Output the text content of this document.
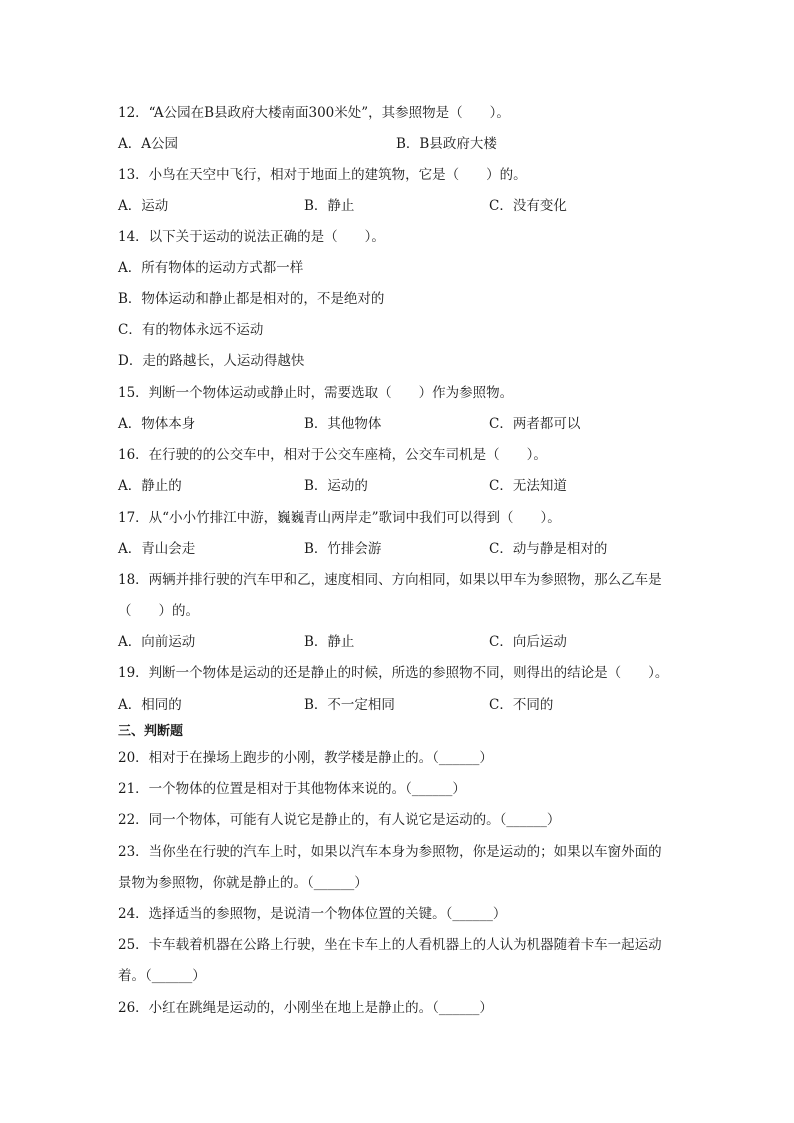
12．“A公园在B县政府大楼南面300米处”，其参照物是（　　）。
A．A公园	B．B县政府大楼
13．小鸟在天空中飞行，相对于地面上的建筑物，它是（　　）的。
A．运动	B．静止	C．没有变化
14．以下关于运动的说法正确的是（　　）。
A．所有物体的运动方式都一样
B．物体运动和静止都是相对的，不是绝对的
C．有的物体永远不运动
D．走的路越长，人运动得越快
15．判断一个物体运动或静止时，需要选取（　　）作为参照物。
A．物体本身	B．其他物体	C．两者都可以
16．在行驶的的公交车中，相对于公交车座椅，公交车司机是（　　）。
A．静止的	B．运动的	C．无法知道
17．从“小小竹排江中游，巍巍青山两岸走”歌词中我们可以得到（　　）。
A．青山会走	B．竹排会游	C．动与静是相对的
18．两辆并排行驶的汽车甲和乙，速度相同、方向相同，如果以甲车为参照物，那么乙车是
（　　）的。
A．向前运动	B．静止	C．向后运动
19．判断一个物体是运动的还是静止的时候，所选的参照物不同，则得出的结论是（　　）。
A．相同的	B．不一定相同	C．不同的
三、判断题
20．相对于在操场上跑步的小刚，教学楼是静止的。（______）
21．一个物体的位置是相对于其他物体来说的。（______）
22．同一个物体，可能有人说它是静止的，有人说它是运动的。（______）
23．当你坐在行驶的汽车上时，如果以汽车本身为参照物，你是运动的；如果以车窗外面的
景物为参照物，你就是静止的。（______）
24．选择适当的参照物，是说清一个物体位置的关键。（______）
25．卡车载着机器在公路上行驶，坐在卡车上的人看机器上的人认为机器随着卡车一起运动
着。（______）
26．小红在跳绳是运动的，小刚坐在地上是静止的。（______）
